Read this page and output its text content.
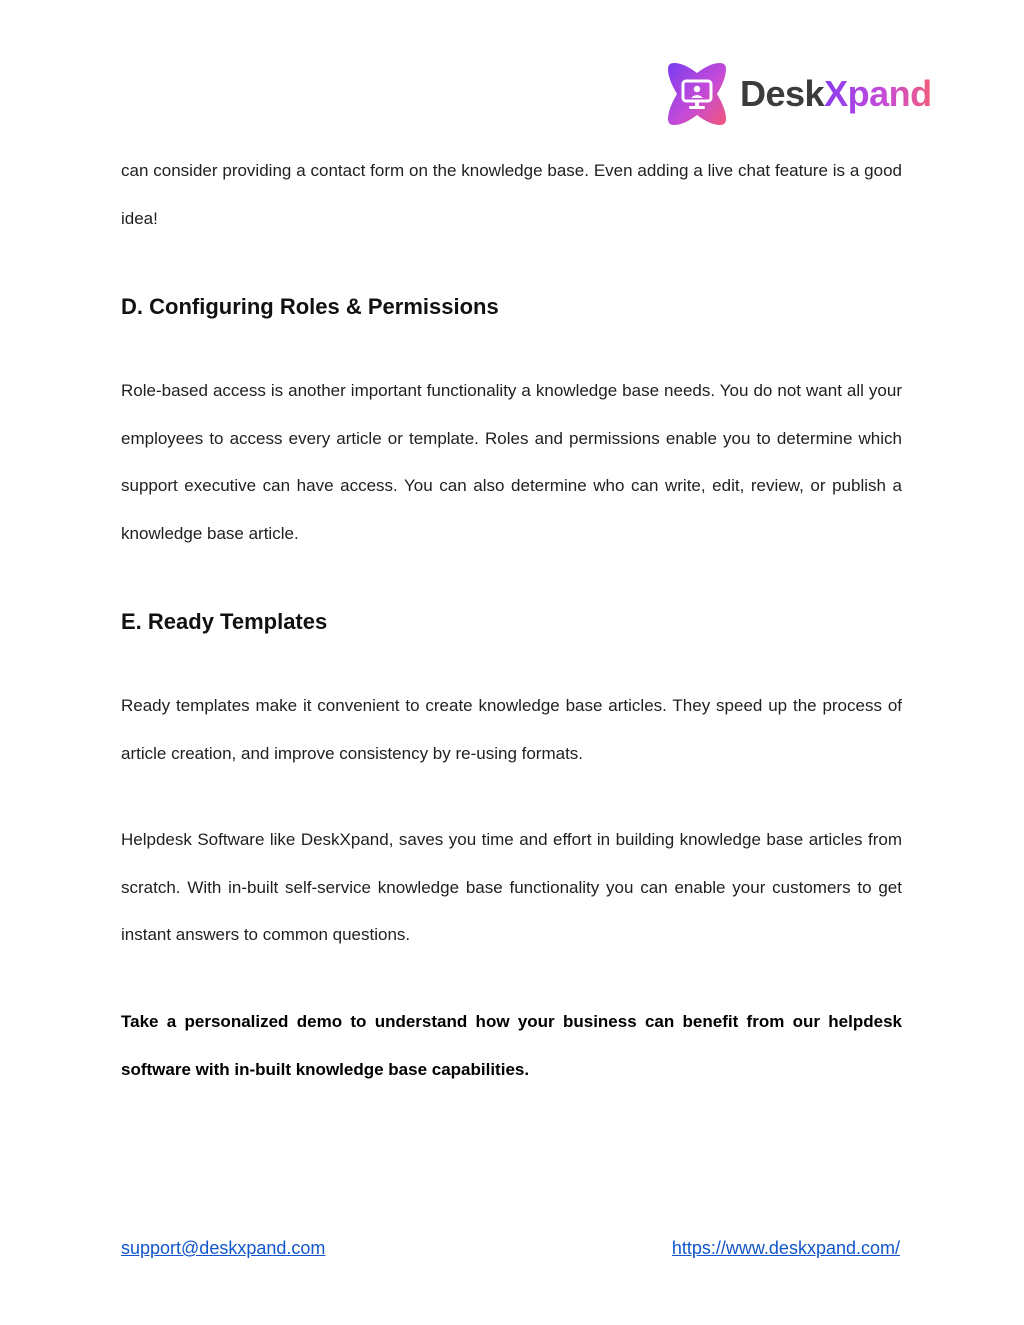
DeskXpand

can consider providing a contact form on the knowledge base. Even adding a live chat feature is a good idea!

D. Configuring Roles & Permissions

Role-based access is another important functionality a knowledge base needs. You do not want all your employees to access every article or template. Roles and permissions enable you to determine which support executive can have access. You can also determine who can write, edit, review, or publish a knowledge base article.

E. Ready Templates

Ready templates make it convenient to create knowledge base articles. They speed up the process of article creation, and improve consistency by re-using formats.

Helpdesk Software like DeskXpand, saves you time and effort in building knowledge base articles from scratch. With in-built self-service knowledge base functionality you can enable your customers to get instant answers to common questions.

Take a personalized demo to understand how your business can benefit from our helpdesk software with in-built knowledge base capabilities.

support@deskxpand.com	https://www.deskxpand.com/
